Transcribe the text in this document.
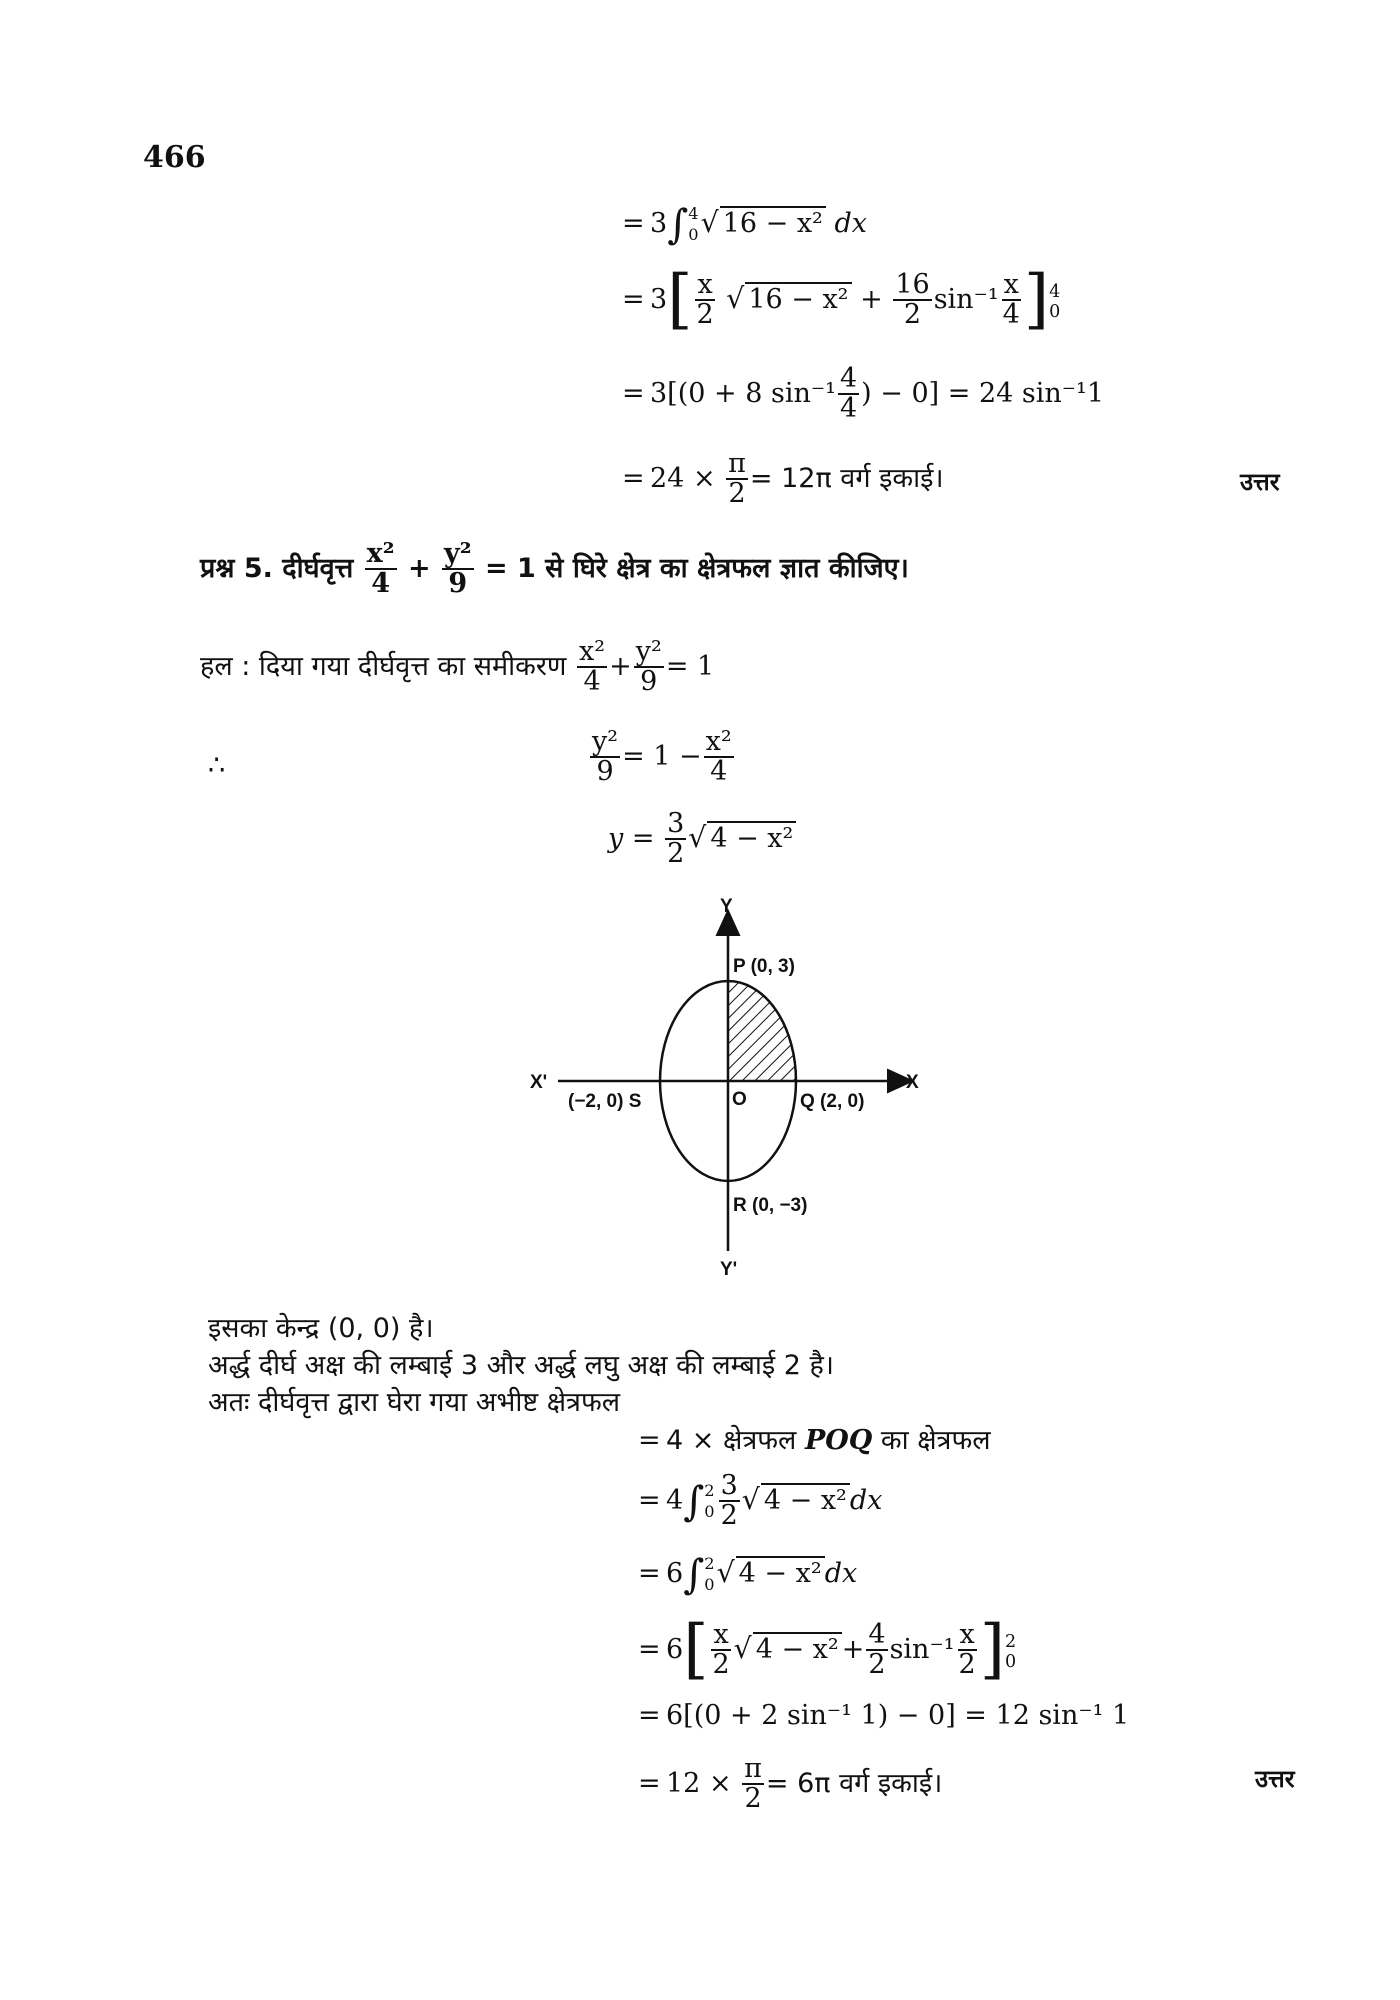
466
= 3∫ 4
0 √ 16 − x² dx
= $3[ \frac{x}{2}$ √ $16 - x^2 + \frac{16}{2} \sin^{-1} \frac{x}{4}$ ] 4
0
= 3[(0 + 8 $\sin^{-1} \frac{4}{4}$ ) − 0] = 24 sin⁻¹1
= $24 \times \frac{\pi}{2} = 12\pi$ वर्ग इकाई।	उत्तर
प्रश्न 5. दीर्घवृत्त $\frac{\text{x²}}{4} + \frac{\text{y²}}{9} = 1$ से घिरे क्षेत्र का क्षेत्रफल ज्ञात कीजिए।
हल : दिया गया दीर्घवृत्त का समीकरण $\frac{\text{x²}}{4} + \frac{\text{y²}}{9} = 1$
∴	$\frac{\text{y²}}{9} = 1 - \frac{\text{x²}}{4}$
$y = \frac{3}{2}$ √ 4 − x²
Y
Y'
X
X'
O
P (0, 3)
Q (2, 0)
R (0, −3)
(−2, 0) S
इसका केन्द्र (0, 0) है।
अर्द्ध दीर्घ अक्ष की लम्बाई 3 और अर्द्ध लघु अक्ष की लम्बाई 2 है।
अतः दीर्घवृत्त द्वारा घेरा गया अभीष्ट क्षेत्रफल
= 4 × क्षेत्रफल POQ का क्षेत्रफल
= 4∫ 2
$0 \frac{3}{2}$ √ 4 − x² dx
= 6∫ 2
0 √ 4 − x² dx
= $6[ \frac{x}{2}$ √ $4 - x^2 + \frac{4}{2} \sin^{-1} \frac{x}{2}$ ] 2
0
= 6[(0 + 2 sin⁻¹ 1) − 0] = 12 sin⁻¹ 1
= $12 \times \frac{\pi}{2} = 6\pi$ वर्ग इकाई।	उत्तर
